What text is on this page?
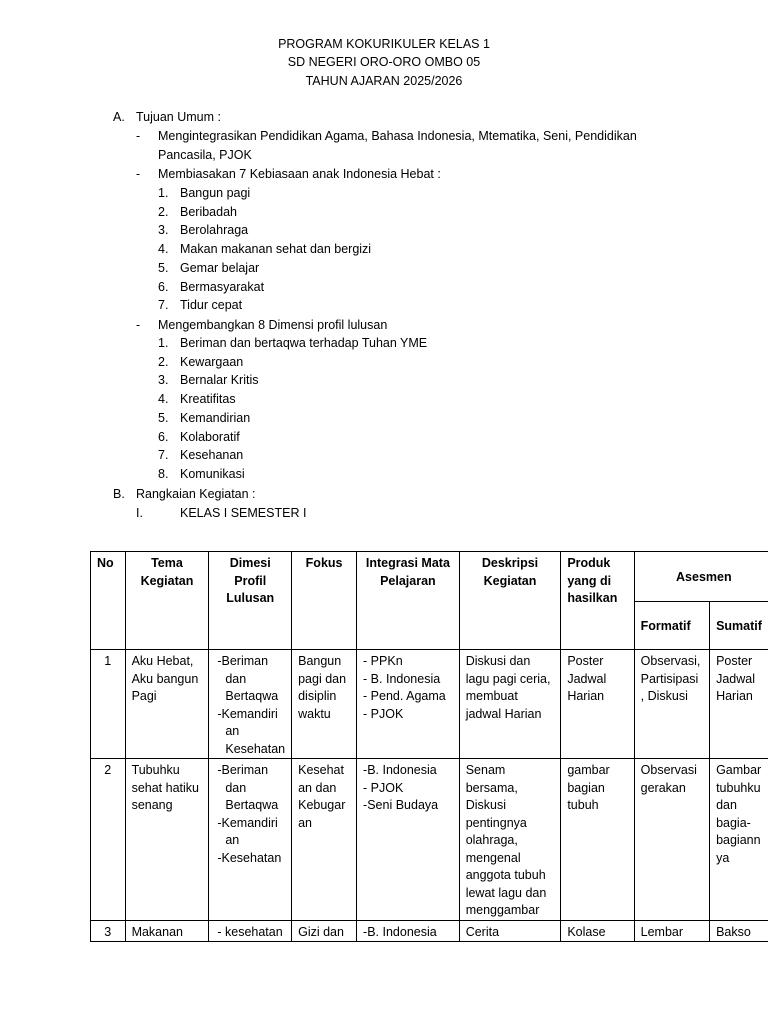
PROGRAM KOKURIKULER KELAS 1
SD NEGERI ORO-ORO OMBO 05
TAHUN AJARAN 2025/2026
A. Tujuan Umum :
- Mengintegrasikan Pendidikan Agama, Bahasa Indonesia, Mtematika, Seni, Pendidikan
Pancasila, PJOK
- Membiasakan 7 Kebiasaan anak Indonesia Hebat :
1. Bangun pagi
2. Beribadah
3. Berolahraga
4. Makan makanan sehat dan bergizi
5. Gemar belajar
6. Bermasyarakat
7. Tidur cepat
- Mengembangkan 8 Dimensi profil lulusan
1. Beriman dan bertaqwa terhadap Tuhan YME
2. Kewargaan
3. Bernalar Kritis
4. Kreatifitas
5. Kemandirian
6. Kolaboratif
7. Kesehanan
8. Komunikasi
B. Rangkaian Kegiatan :
I.	KELAS I SEMESTER I
No	Tema Kegiatan	Dimesi Profil Lulusan	Fokus	Integrasi Mata Pelajaran	Deskripsi Kegiatan	Produk yang di hasilkan	Asesmen	
							Formatif	Sumatif
1	Aku Hebat, Aku bangun Pagi	-Beriman dan Bertaqwa
-Kemandiri an Kesehatan	Bangun pagi dan disiplin waktu	- PPKn
- B. Indonesia
- Pend. Agama
- PJOK	Diskusi dan lagu pagi ceria, membuat jadwal Harian	Poster Jadwal Harian	Observasi, Partisipasi , Diskusi	Poster Jadwal Harian
2	Tubuhku sehat hatiku senang	-Beriman dan Bertaqwa
-Kemandiri an
-Kesehatan	Kesehat an dan Kebugar an	-B. Indonesia
- PJOK
-Seni Budaya	Senam bersama, Diskusi pentingnya olahraga, mengenal anggota tubuh lewat lagu dan menggambar	gambar bagian tubuh	Observasi gerakan	Gambar tubuhku dan bagia- bagiann ya
3	Makanan	- kesehatan	Gizi dan	-B. Indonesia	Cerita	Kolase	Lembar	Bakso
